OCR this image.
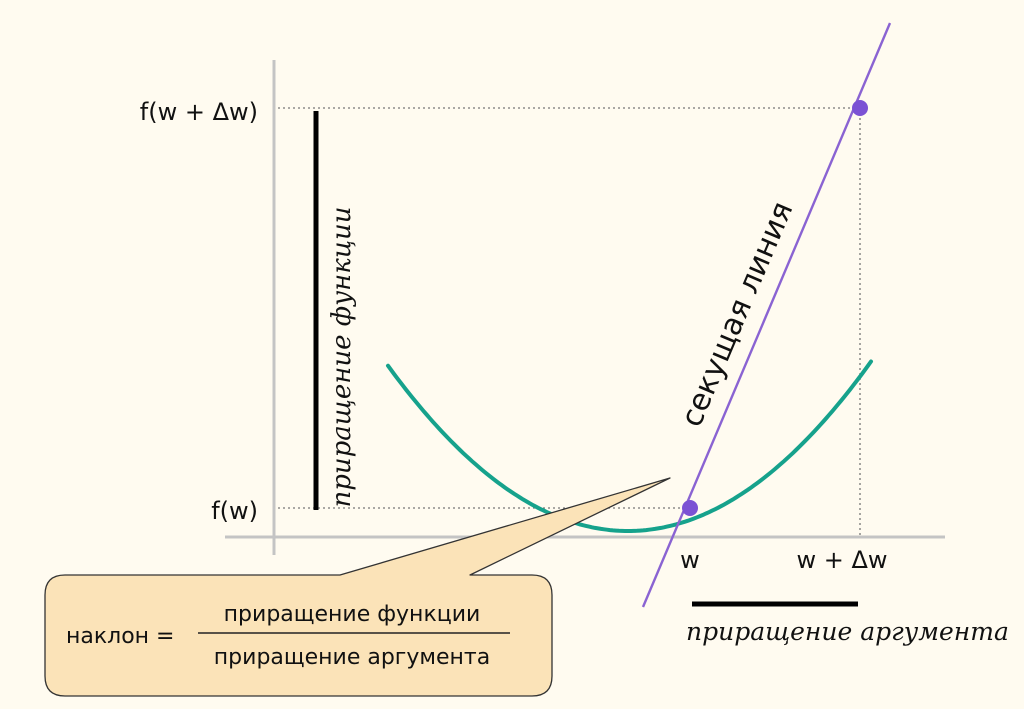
f(w + Δw)
f(w)
w	w + Δw
приращение функции
приращение аргумента
секущая линия
наклон =
приращение функции
приращение аргумента
